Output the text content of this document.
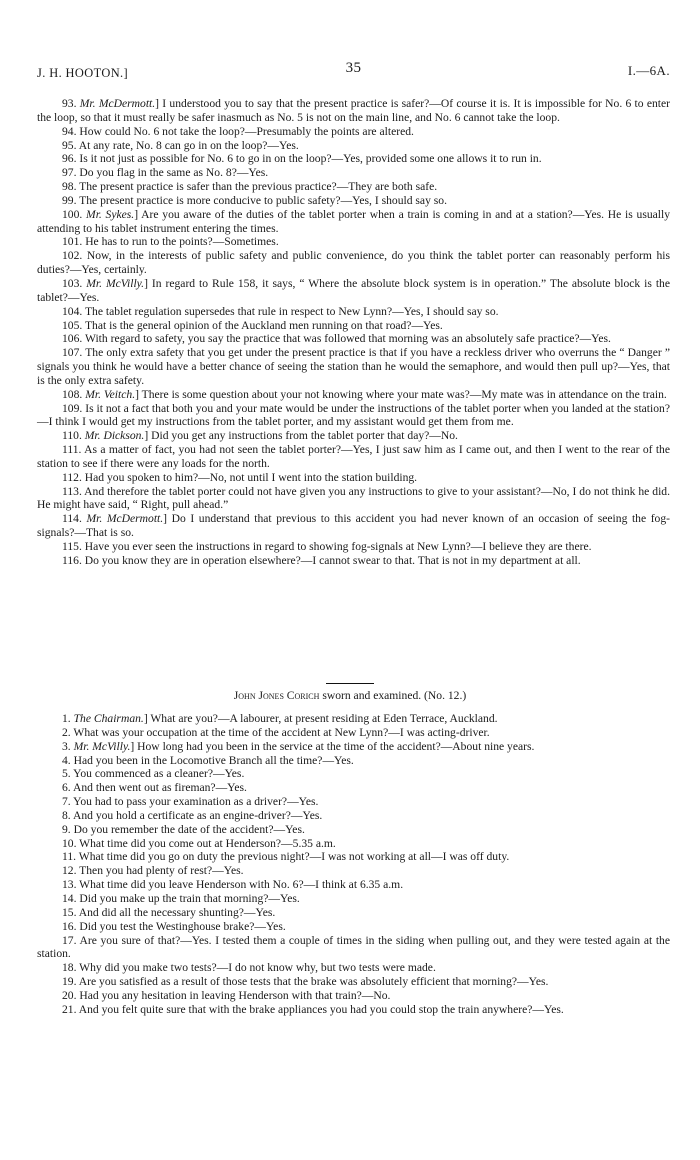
J. H. HOOTON.]	35	I.—6A.

93. Mr. McDermott.] I understood you to say that the present practice is safer?—Of course it is. It is impossible for No. 6 to enter the loop, so that it must really be safer inasmuch as No. 5 is not on the main line, and No. 6 cannot take the loop.

94. How could No. 6 not take the loop?—Presumably the points are altered.

95. At any rate, No. 8 can go in on the loop?—Yes.

96. Is it not just as possible for No. 6 to go in on the loop?—Yes, provided some one allows it to run in.

97. Do you flag in the same as No. 8?—Yes.

98. The present practice is safer than the previous practice?—They are both safe.

99. The present practice is more conducive to public safety?—Yes, I should say so.

100. Mr. Sykes.] Are you aware of the duties of the tablet porter when a train is coming in and at a station?—Yes. He is usually attending to his tablet instrument entering the times.

101. He has to run to the points?—Sometimes.

102. Now, in the interests of public safety and public convenience, do you think the tablet porter can reasonably perform his duties?—Yes, certainly.

103. Mr. McVilly.] In regard to Rule 158, it says, “ Where the absolute block system is in operation.” The absolute block is the tablet?—Yes.

104. The tablet regulation supersedes that rule in respect to New Lynn?—Yes, I should say so.

105. That is the general opinion of the Auckland men running on that road?—Yes.

106. With regard to safety, you say the practice that was followed that morning was an absolutely safe practice?—Yes.

107. The only extra safety that you get under the present practice is that if you have a reckless driver who overruns the “ Danger ” signals you think he would have a better chance of seeing the station than he would the semaphore, and would then pull up?—Yes, that is the only extra safety.

108. Mr. Veitch.] There is some question about your not knowing where your mate was?—My mate was in attendance on the train.

109. Is it not a fact that both you and your mate would be under the instructions of the tablet porter when you landed at the station?—I think I would get my instructions from the tablet porter, and my assistant would get them from me.

110. Mr. Dickson.] Did you get any instructions from the tablet porter that day?—No.

111. As a matter of fact, you had not seen the tablet porter?—Yes, I just saw him as I came out, and then I went to the rear of the station to see if there were any loads for the north.

112. Had you spoken to him?—No, not until I went into the station building.

113. And therefore the tablet porter could not have given you any instructions to give to your assistant?—No, I do not think he did. He might have said, “ Right, pull ahead.”

114. Mr. McDermott.] Do I understand that previous to this accident you had never known of an occasion of seeing the fog-signals?—That is so.

115. Have you ever seen the instructions in regard to showing fog-signals at New Lynn?—I believe they are there.

116. Do you know they are in operation elsewhere?—I cannot swear to that. That is not in my department at all.

John Jones Corich sworn and examined. (No. 12.)

1. The Chairman.] What are you?—A labourer, at present residing at Eden Terrace, Auckland.

2. What was your occupation at the time of the accident at New Lynn?—I was acting-driver.

3. Mr. McVilly.] How long had you been in the service at the time of the accident?—About nine years.

4. Had you been in the Locomotive Branch all the time?—Yes.

5. You commenced as a cleaner?—Yes.

6. And then went out as fireman?—Yes.

7. You had to pass your examination as a driver?—Yes.

8. And you hold a certificate as an engine-driver?—Yes.

9. Do you remember the date of the accident?—Yes.

10. What time did you come out at Henderson?—5.35 a.m.

11. What time did you go on duty the previous night?—I was not working at all—I was off duty.

12. Then you had plenty of rest?—Yes.

13. What time did you leave Henderson with No. 6?—I think at 6.35 a.m.

14. Did you make up the train that morning?—Yes.

15. And did all the necessary shunting?—Yes.

16. Did you test the Westinghouse brake?—Yes.

17. Are you sure of that?—Yes. I tested them a couple of times in the siding when pulling out, and they were tested again at the station.

18. Why did you make two tests?—I do not know why, but two tests were made.

19. Are you satisfied as a result of those tests that the brake was absolutely efficient that morning?—Yes.

20. Had you any hesitation in leaving Henderson with that train?—No.

21. And you felt quite sure that with the brake appliances you had you could stop the train anywhere?—Yes.
